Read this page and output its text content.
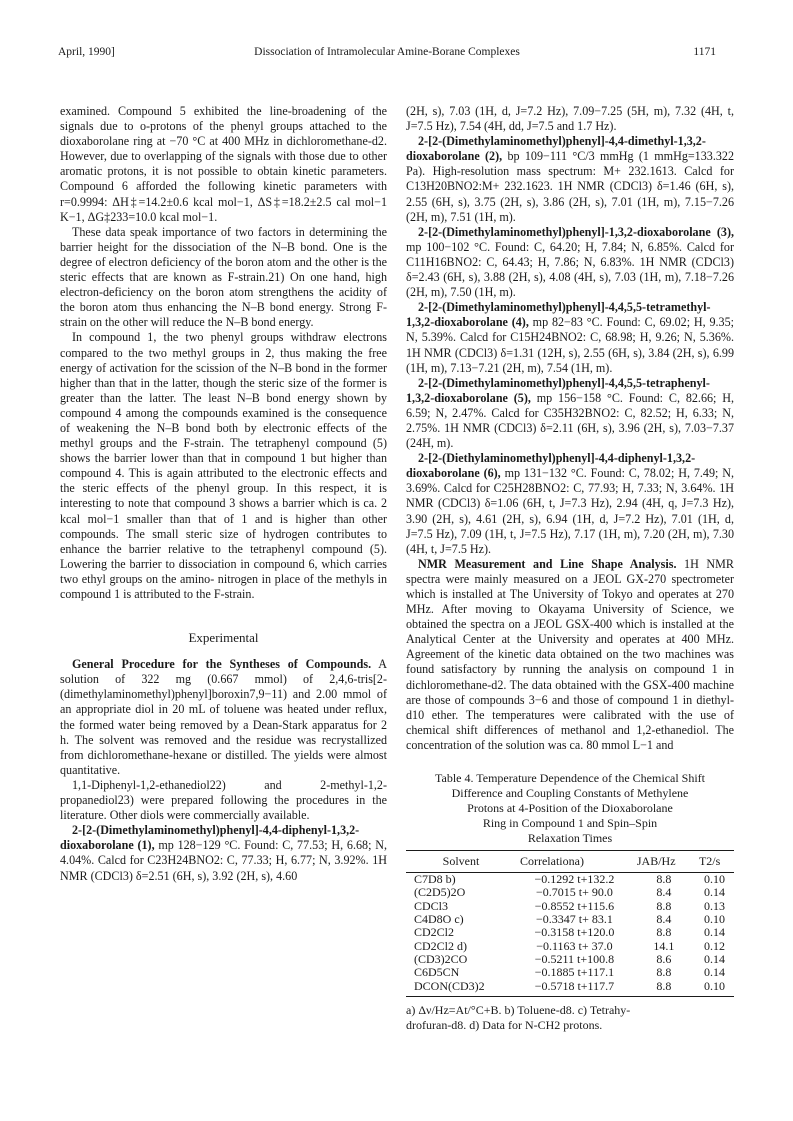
April, 1990]	Dissociation of Intramolecular Amine-Borane Complexes	1171

examined. Compound 5 exhibited the line-broadening of the signals due to o-protons of the phenyl groups attached to the dioxaborolane ring at −70 °C at 400 MHz in dichloromethane-d2. However, due to overlapping of the signals with those due to other aromatic protons, it is not possible to obtain kinetic parameters. Compound 6 afforded the following kinetic parameters with r=0.9994: ΔH‡=14.2±0.6 kcal mol−1, ΔS‡=18.2±2.5 cal mol−1 K−1, ΔG‡233=10.0 kcal mol−1.

These data speak importance of two factors in determining the barrier height for the dissociation of the N–B bond. One is the degree of electron deficiency of the boron atom and the other is the steric effects that are known as F-strain.21) On one hand, high electron-deficiency on the boron atom strengthens the acidity of the boron atom thus enhancing the N–B bond energy. Strong F-strain on the other will reduce the N–B bond energy.

In compound 1, the two phenyl groups withdraw electrons compared to the two methyl groups in 2, thus making the free energy of activation for the scission of the N–B bond in the former higher than that in the latter, though the steric size of the former is greater than the latter. The least N–B bond energy shown by compound 4 among the compounds examined is the consequence of weakening the N–B bond both by electronic effects of the methyl groups and the F-strain. The tetraphenyl compound (5) shows the barrier lower than that in compound 1 but higher than compound 4. This is again attributed to the electronic effects and the steric effects of the phenyl group. In this respect, it is interesting to note that compound 3 shows a barrier which is ca. 2 kcal mol−1 smaller than that of 1 and is higher than other compounds. The small steric size of hydrogen contributes to enhance the barrier relative to the tetraphenyl compound (5). Lowering the barrier to dissociation in compound 6, which carries two ethyl groups on the amino- nitrogen in place of the methyls in compound 1 is attributed to the F-strain.

Experimental

General Procedure for the Syntheses of Compounds. A solution of 322 mg (0.667 mmol) of 2,4,6-tris[2-(dimethylaminomethyl)phenyl]boroxin7,9−11) and 2.00 mmol of an appropriate diol in 20 mL of toluene was heated under reflux, the formed water being removed by a Dean-Stark apparatus for 2 h. The solvent was removed and the residue was recrystallized from dichloromethane-hexane or distilled. The yields were almost quantitative.

1,1-Diphenyl-1,2-ethanediol22) and 2-methyl-1,2-propanediol23) were prepared following the procedures in the literature. Other diols were commercially available.

2-[2-(Dimethylaminomethyl)phenyl]-4,4-diphenyl-1,3,2-dioxaborolane (1), mp 128−129 °C. Found: C, 77.53; H, 6.68; N, 4.04%. Calcd for C23H24BNO2: C, 77.33; H, 6.77; N, 3.92%. 1H NMR (CDCl3) δ=2.51 (6H, s), 3.92 (2H, s), 4.60

(2H, s), 7.03 (1H, d, J=7.2 Hz), 7.09−7.25 (5H, m), 7.32 (4H, t, J=7.5 Hz), 7.54 (4H, dd, J=7.5 and 1.7 Hz).

2-[2-(Dimethylaminomethyl)phenyl]-4,4-dimethyl-1,3,2-dioxaborolane (2), bp 109−111 °C/3 mmHg (1 mmHg=133.322 Pa). High-resolution mass spectrum: M+ 232.1613. Calcd for C13H20BNO2:M+ 232.1623. 1H NMR (CDCl3) δ=1.46 (6H, s), 2.55 (6H, s), 3.75 (2H, s), 3.86 (2H, s), 7.01 (1H, m), 7.15−7.26 (2H, m), 7.51 (1H, m).

2-[2-(Dimethylaminomethyl)phenyl]-1,3,2-dioxaborolane (3), mp 100−102 °C. Found: C, 64.20; H, 7.84; N, 6.85%. Calcd for C11H16BNO2: C, 64.43; H, 7.86; N, 6.83%. 1H NMR (CDCl3) δ=2.43 (6H, s), 3.88 (2H, s), 4.08 (4H, s), 7.03 (1H, m), 7.18−7.26 (2H, m), 7.50 (1H, m).

2-[2-(Dimethylaminomethyl)phenyl]-4,4,5,5-tetramethyl-1,3,2-dioxaborolane (4), mp 82−83 °C. Found: C, 69.02; H, 9.35; N, 5.39%. Calcd for C15H24BNO2: C, 68.98; H, 9.26; N, 5.36%. 1H NMR (CDCl3) δ=1.31 (12H, s), 2.55 (6H, s), 3.84 (2H, s), 6.99 (1H, m), 7.13−7.21 (2H, m), 7.54 (1H, m).

2-[2-(Dimethylaminomethyl)phenyl]-4,4,5,5-tetraphenyl-1,3,2-dioxaborolane (5), mp 156−158 °C. Found: C, 82.66; H, 6.59; N, 2.47%. Calcd for C35H32BNO2: C, 82.52; H, 6.33; N, 2.75%. 1H NMR (CDCl3) δ=2.11 (6H, s), 3.96 (2H, s), 7.03−7.37 (24H, m).

2-[2-(Diethylaminomethyl)phenyl]-4,4-diphenyl-1,3,2-dioxaborolane (6), mp 131−132 °C. Found: C, 78.02; H, 7.49; N, 3.69%. Calcd for C25H28BNO2: C, 77.93; H, 7.33; N, 3.64%. 1H NMR (CDCl3) δ=1.06 (6H, t, J=7.3 Hz), 2.94 (4H, q, J=7.3 Hz), 3.90 (2H, s), 4.61 (2H, s), 6.94 (1H, d, J=7.2 Hz), 7.01 (1H, d, J=7.5 Hz), 7.09 (1H, t, J=7.5 Hz), 7.17 (1H, m), 7.20 (2H, m), 7.30 (4H, t, J=7.5 Hz).

NMR Measurement and Line Shape Analysis. 1H NMR spectra were mainly measured on a JEOL GX-270 spectrometer which is installed at The University of Tokyo and operates at 270 MHz. After moving to Okayama University of Science, we obtained the spectra on a JEOL GSX-400 which is installed at the Analytical Center at the University and operates at 400 MHz. Agreement of the kinetic data obtained on the two machines was found satisfactory by running the analysis on compound 1 in dichloromethane-d2. The data obtained with the GSX-400 machine are those of compounds 3−6 and those of compound 1 in diethyl-d10 ether. The temperatures were calibrated with the use of chemical shift differences of methanol and 1,2-ethanediol. The concentration of the solution was ca. 80 mmol L−1 and

Table 4. Temperature Dependence of the Chemical Shift
Difference and Coupling Constants of Methylene
Protons at 4-Position of the Dioxaborolane
Ring in Compound 1 and Spin–Spin
Relaxation Times
Solvent	Correlationa)	JAB/Hz	T2/s
C7D8 b)	−0.1292 t+132.2	8.8	0.10
(C2D5)2O	−0.7015 t+ 90.0	8.4	0.14
CDCl3	−0.8552 t+115.6	8.8	0.13
C4D8O c)	−0.3347 t+ 83.1	8.4	0.10
CD2Cl2	−0.3158 t+120.0	8.8	0.14
CD2Cl2 d)	−0.1163 t+ 37.0	14.1	0.12
(CD3)2CO	−0.5211 t+100.8	8.6	0.14
C6D5CN	−0.1885 t+117.1	8.8	0.14
DCON(CD3)2	−0.5718 t+117.7	8.8	0.10
a) Δν/Hz=At/°C+B. b) Toluene-d8. c) Tetrahy-
drofuran-d8. d) Data for N-CH2 protons.
